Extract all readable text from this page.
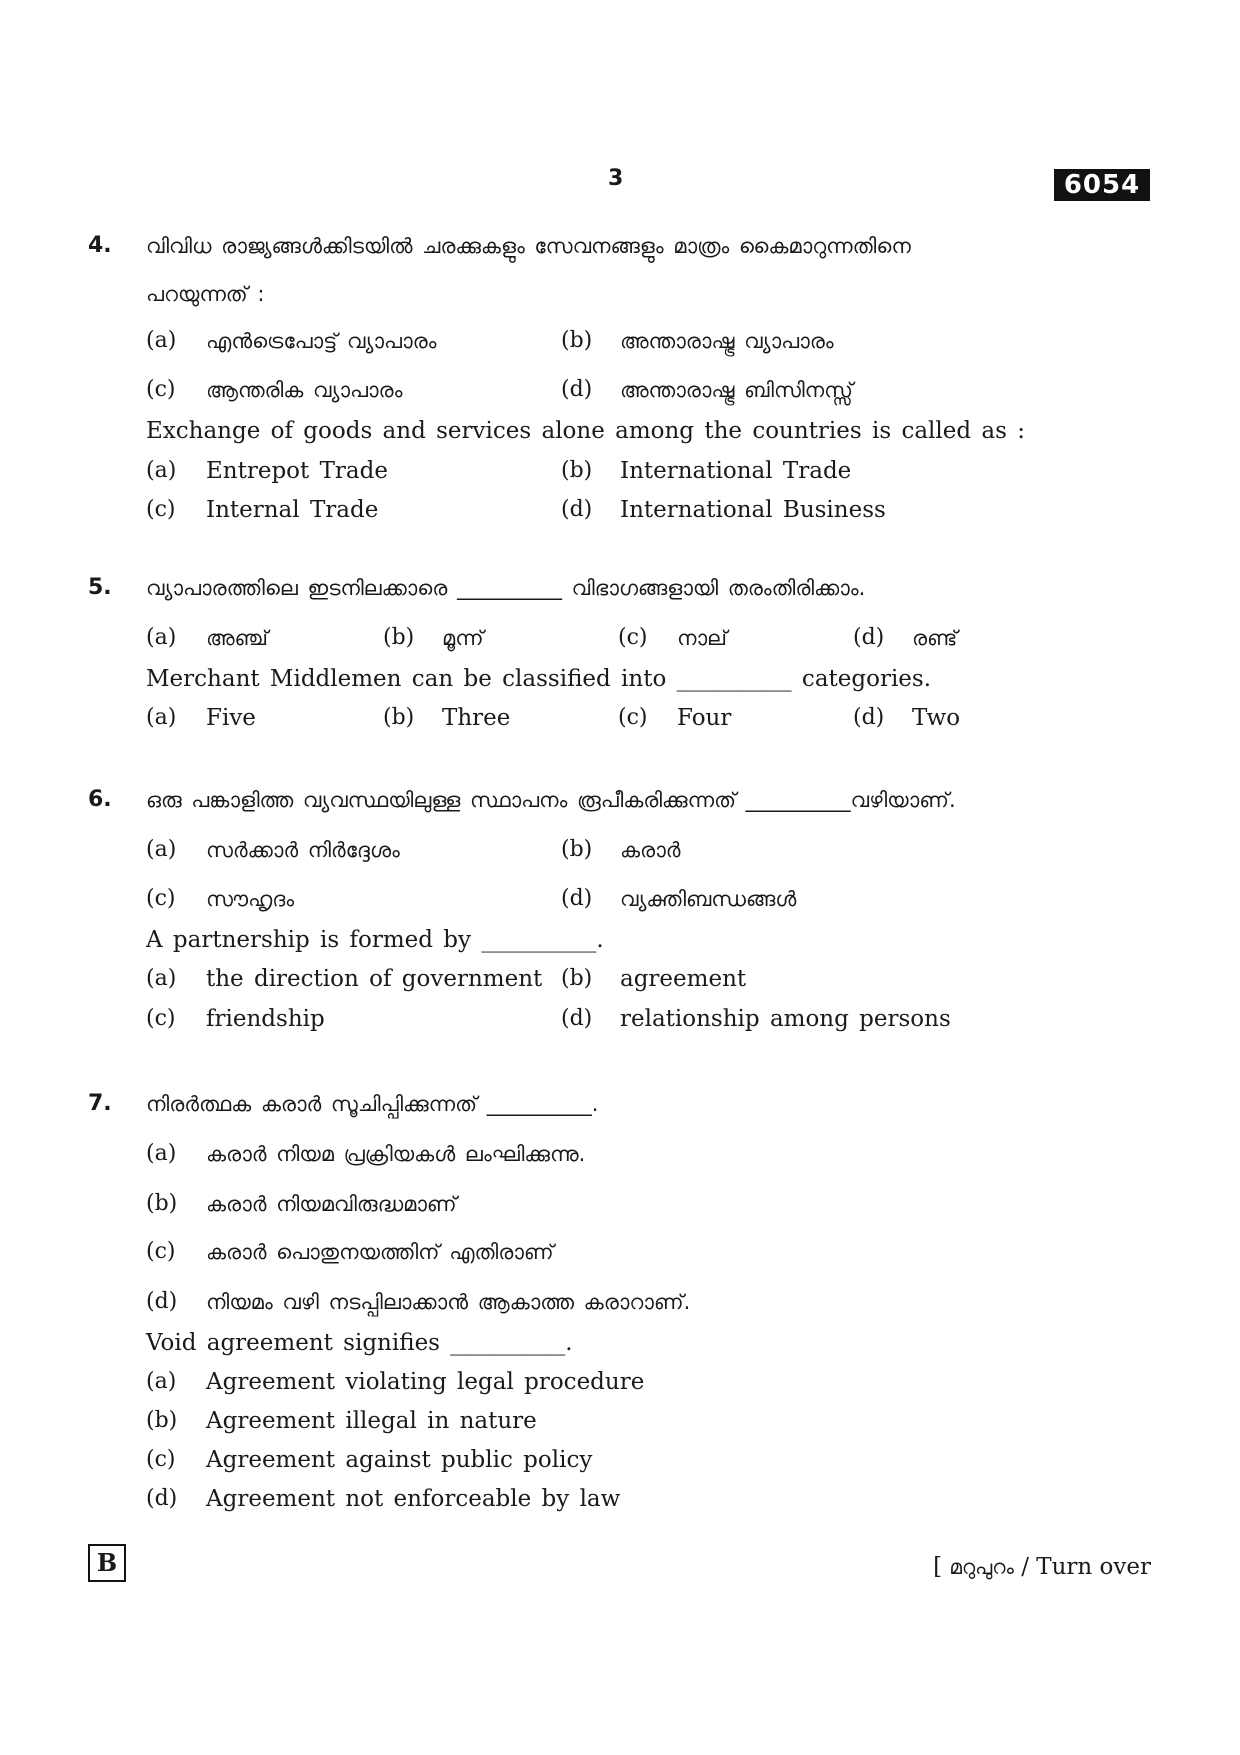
3	6054
4. വിവിധ രാജ്യങ്ങൾക്കിടയിൽ ചരക്കുകളും സേവനങ്ങളും മാത്രം കൈമാറുന്നതിനെ
പറയുന്നത് :
(a) എൻട്രെപോട്ട് വ്യാപാരം	(b) അന്താരാഷ്ട്ര വ്യാപാരം
(c) ആന്തരിക വ്യാപാരം	(d) അന്താരാഷ്ട്ര ബിസിനസ്സ്
Exchange of goods and services alone among the countries is called as :
(a) Entrepot Trade	(b) International Trade
(c) Internal Trade	(d) International Business
5. വ്യാപാരത്തിലെ ഇടനിലക്കാരെ __________ വിഭാഗങ്ങളായി തരംതിരിക്കാം.
(a) അഞ്ച്	(b) മൂന്ന്	(c) നാല്	(d) രണ്ട്
Merchant Middlemen can be classified into __________ categories.
(a) Five	(b) Three	(c) Four	(d) Two
6. ഒരു പങ്കാളിത്ത വ്യവസ്ഥയിലുള്ള സ്ഥാപനം രൂപീകരിക്കുന്നത് __________വഴിയാണ്.
(a) സർക്കാർ നിർദ്ദേശം	(b) കരാർ
(c) സൗഹൃദം	(d) വ്യക്തിബന്ധങ്ങൾ
A partnership is formed by __________.
(a) the direction of government (b) agreement
(c) friendship	(d) relationship among persons
7. നിരർത്ഥക കരാർ സൂചിപ്പിക്കുന്നത് __________.
(a) കരാർ നിയമ പ്രക്രിയകൾ ലംഘിക്കുന്നു.
(b) കരാർ നിയമവിരുദ്ധമാണ്
(c) കരാർ പൊതുനയത്തിന് എതിരാണ്
(d) നിയമം വഴി നടപ്പിലാക്കാൻ ആകാത്ത കരാറാണ്.
Void agreement signifies __________.
(a) Agreement violating legal procedure
(b) Agreement illegal in nature
(c) Agreement against public policy
(d) Agreement not enforceable by law
B	[ മറുപുറം / Turn over
